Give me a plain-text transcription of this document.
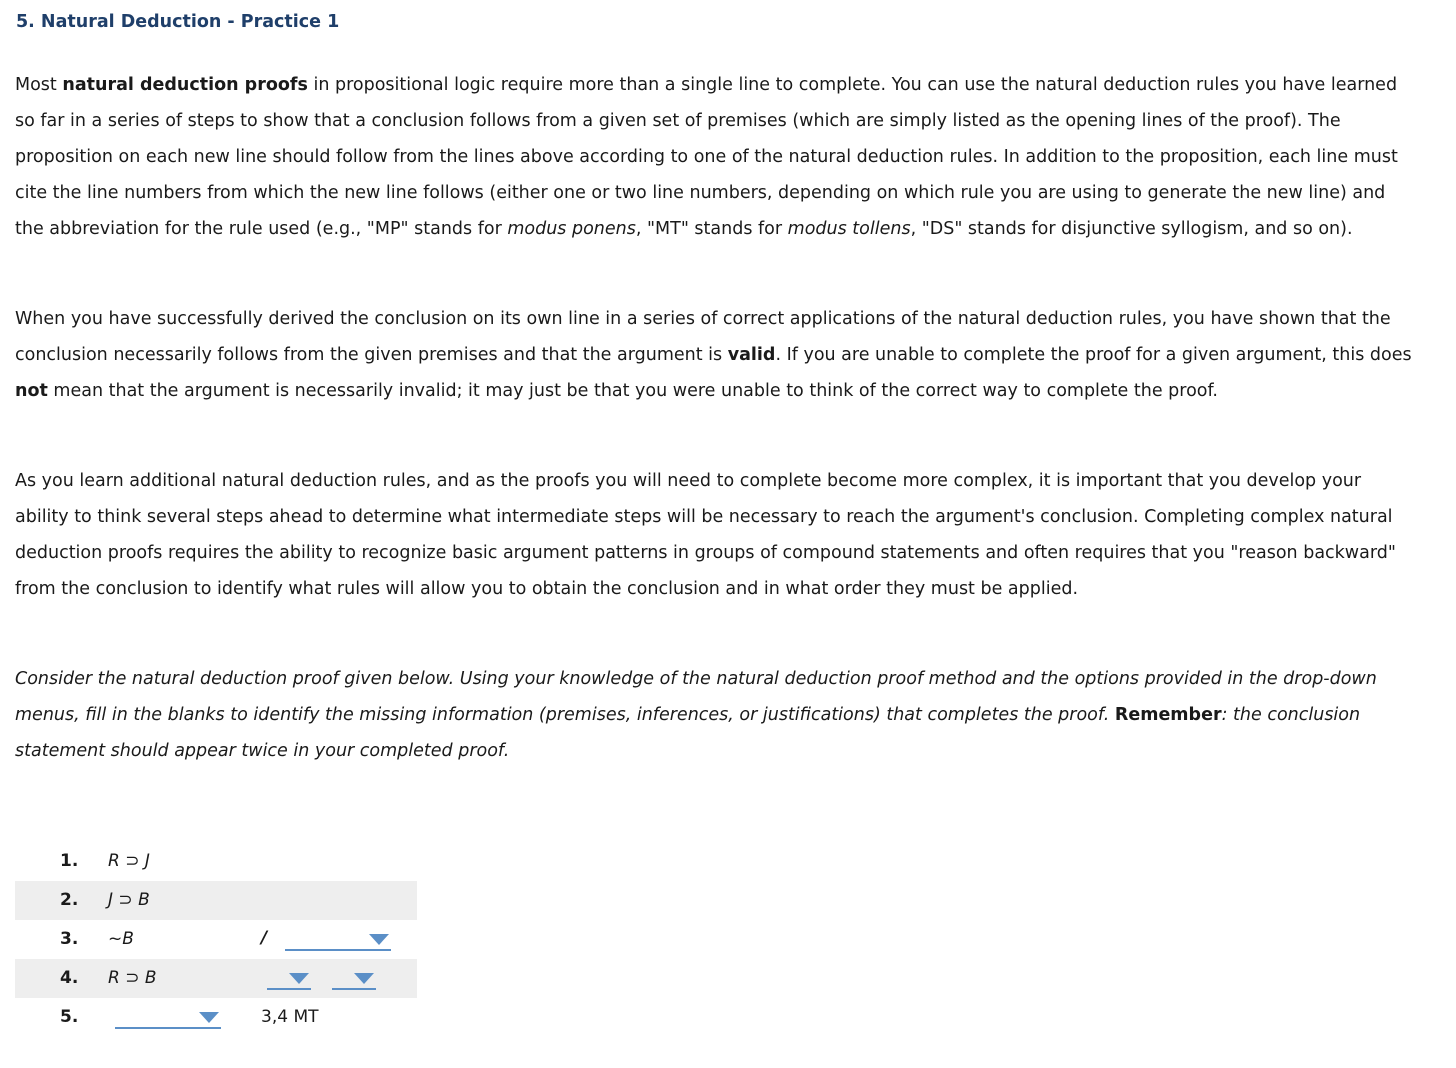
5. Natural Deduction - Practice 1

Most natural deduction proofs in propositional logic require more than a single line to complete. You can use the natural deduction rules you have learned so far in a series of steps to show that a conclusion follows from a given set of premises (which are simply listed as the opening lines of the proof). The proposition on each new line should follow from the lines above according to one of the natural deduction rules. In addition to the proposition, each line must cite the line numbers from which the new line follows (either one or two line numbers, depending on which rule you are using to generate the new line) and the abbreviation for the rule used (e.g., "MP" stands for modus ponens, "MT" stands for modus tollens, "DS" stands for disjunctive syllogism, and so on).

When you have successfully derived the conclusion on its own line in a series of correct applications of the natural deduction rules, you have shown that the conclusion necessarily follows from the given premises and that the argument is valid. If you are unable to complete the proof for a given argument, this does not mean that the argument is necessarily invalid; it may just be that you were unable to think of the correct way to complete the proof.

As you learn additional natural deduction rules, and as the proofs you will need to complete become more complex, it is important that you develop your ability to think several steps ahead to determine what intermediate steps will be necessary to reach the argument's conclusion. Completing complex natural deduction proofs requires the ability to recognize basic argument patterns in groups of compound statements and often requires that you "reason backward" from the conclusion to identify what rules will allow you to obtain the conclusion and in what order they must be applied.

Consider the natural deduction proof given below. Using your knowledge of the natural deduction proof method and the options provided in the drop-down menus, fill in the blanks to identify the missing information (premises, inferences, or justifications) that completes the proof. Remember: the conclusion statement should appear twice in your completed proof.

1. R ⊃ J
2. J ⊃ B
3. ~B	/
4. R ⊃ B
5.	3,4 MT
